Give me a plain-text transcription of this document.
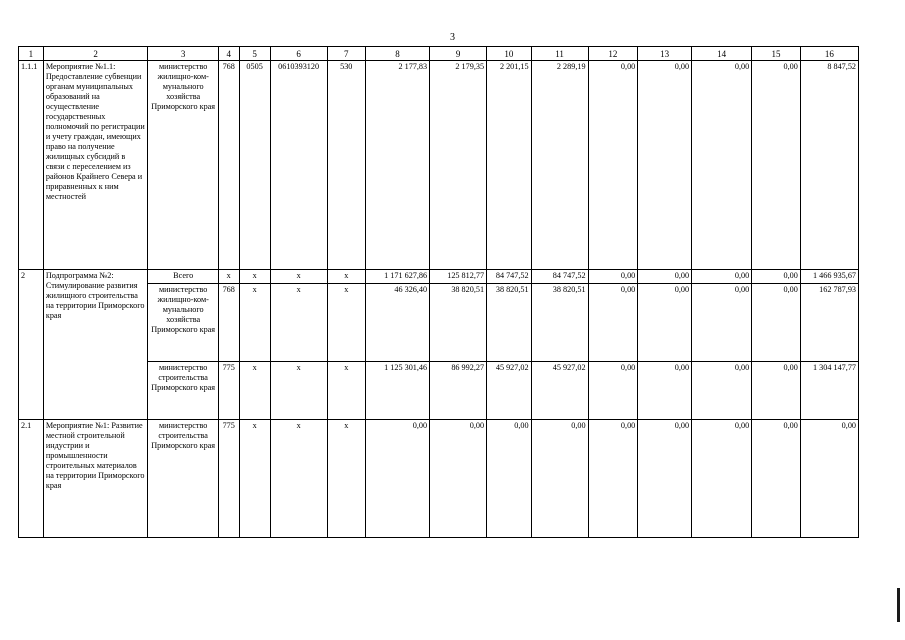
3
1	2	3	4	5	6	7	8	9	10	11	12	13	14	15	16
1.1.1	Мероприятие №1.1: Предоставление субвенции органам муниципальных образований на осуществление государственных полномочий по регистрации и учету граждан, имеющих право на получение жилищных субсидий в связи с переселением из районов Крайнего Севера и приравненных к ним местностей	министерство жилищно-ком-мунального хозяйства Приморского края	768	0505	0610393120	530	2 177,83	2 179,35	2 201,15	2 289,19	0,00	0,00	0,00	0,00	8 847,52
2	Подпрограмма №2: Стимулирование развития жилищного строительства на территории Приморского края	Всего	x	x	x	x	1 171 627,86	125 812,77	84 747,52	84 747,52	0,00	0,00	0,00	0,00	1 466 935,67
		министерство жилищно-ком-мунального хозяйства Приморского края	768	x	x	x	46 326,40	38 820,51	38 820,51	38 820,51	0,00	0,00	0,00	0,00	162 787,93
		министерство строительства Приморского края	775	x	x	x	1 125 301,46	86 992,27	45 927,02	45 927,02	0,00	0,00	0,00	0,00	1 304 147,77
2.1	Мероприятие №1: Развитие местной строительной индустрии и промышленности строительных материалов на территории Приморского края	министерство строительства Приморского края	775	x	x	x	0,00	0,00	0,00	0,00	0,00	0,00	0,00	0,00	0,00
